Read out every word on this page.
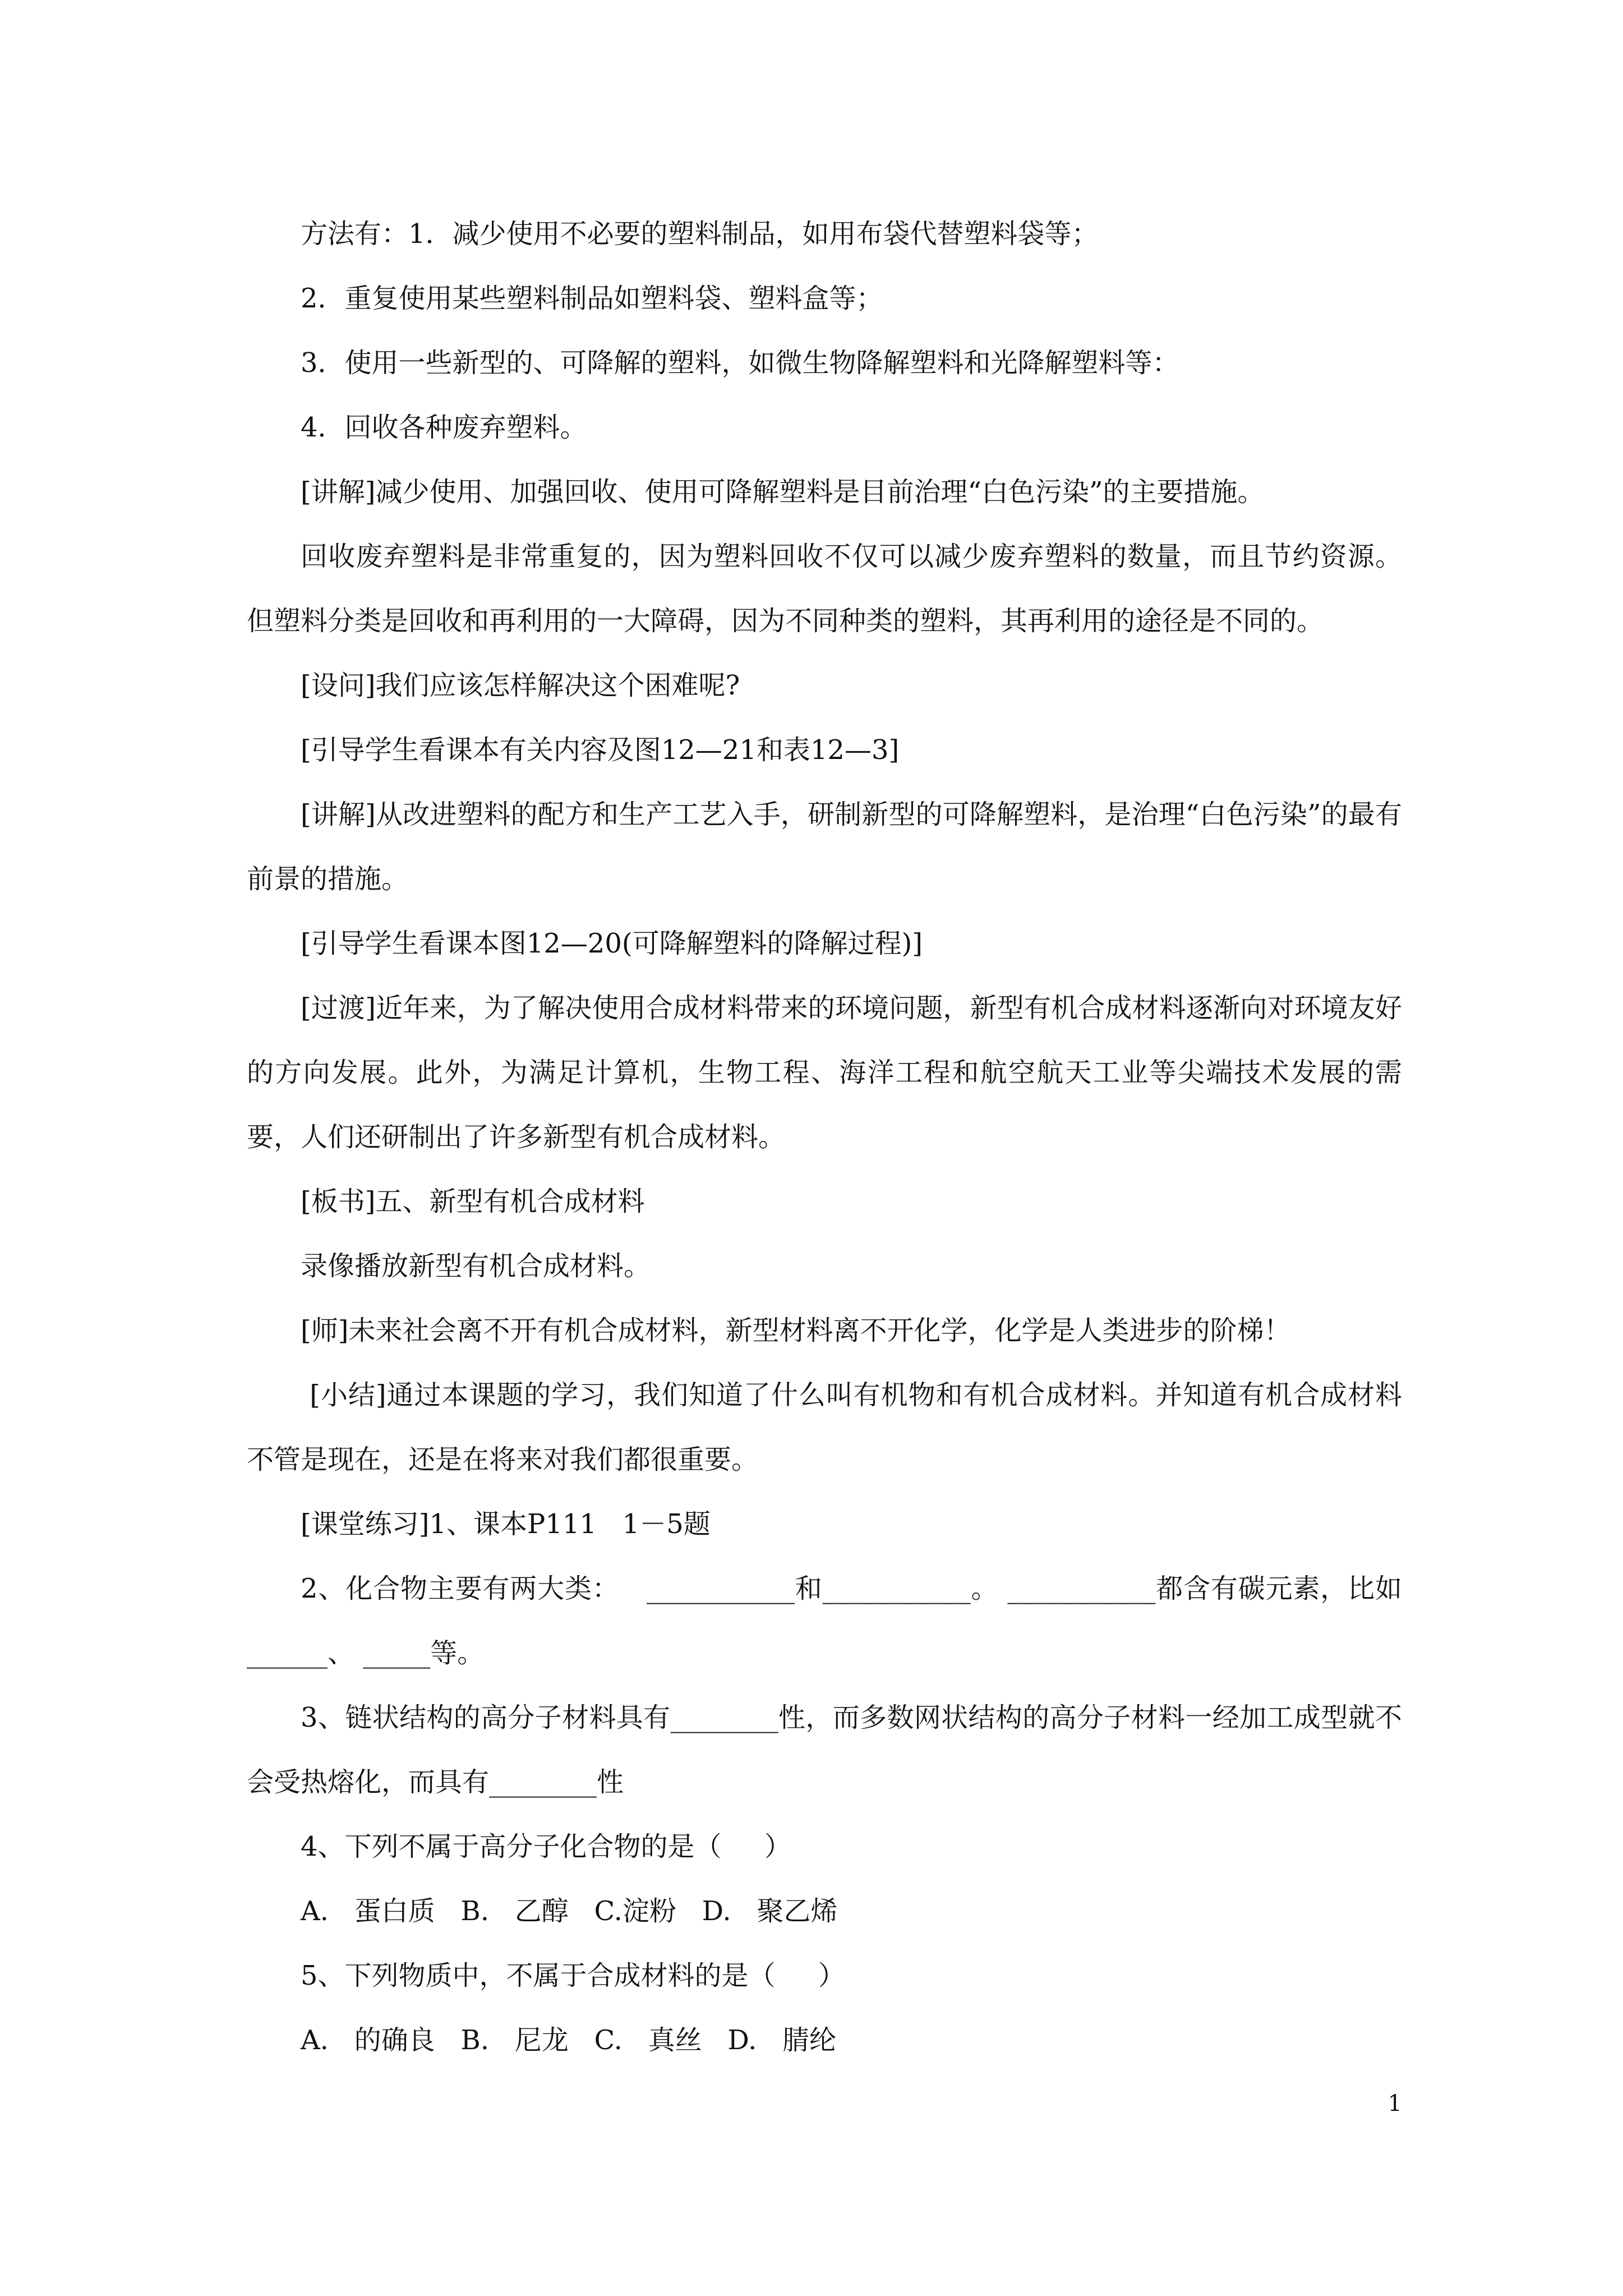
方法有：1．减少使用不必要的塑料制品，如用布袋代替塑料袋等；

2．重复使用某些塑料制品如塑料袋、塑料盒等；

3．使用一些新型的、可降解的塑料，如微生物降解塑料和光降解塑料等：

4．回收各种废弃塑料。

[讲解]减少使用、加强回收、使用可降解塑料是目前治理“白色污染”的主要措施。

回收废弃塑料是非常重复的，因为塑料回收不仅可以减少废弃塑料的数量，而且节约资源。但塑料分类是回收和再利用的一大障碍，因为不同种类的塑料，其再利用的途径是不同的。

[设问]我们应该怎样解决这个困难呢?

[引导学生看课本有关内容及图12—21和表12—3]

[讲解]从改进塑料的配方和生产工艺入手，研制新型的可降解塑料，是治理“白色污染”的最有前景的措施。

[引导学生看课本图12—20(可降解塑料的降解过程)]

[过渡]近年来，为了解决使用合成材料带来的环境问题，新型有机合成材料逐渐向对环境友好的方向发展。此外，为满足计算机，生物工程、海洋工程和航空航天工业等尖端技术发展的需要，人们还研制出了许多新型有机合成材料。

[板书]五、新型有机合成材料

录像播放新型有机合成材料。

[师]未来社会离不开有机合成材料，新型材料离不开化学，化学是人类进步的阶梯！

[小结]通过本课题的学习，我们知道了什么叫有机物和有机合成材料。并知道有机合成材料不管是现在，还是在将来对我们都很重要。

[课堂练习]1、课本P111   1－5题

2、化合物主要有两大类：   ___________和___________。 ___________都含有碳元素，比如______、 _____等。

3、链状结构的高分子材料具有________性，而多数网状结构的高分子材料一经加工成型就不会受热熔化，而具有________性

4、下列不属于高分子化合物的是（     ）

A.   蛋白质   B.   乙醇   C.淀粉   D.   聚乙烯

5、下列物质中，不属于合成材料的是（     ）

A.   的确良   B.   尼龙   C.   真丝   D.   腈纶

1
